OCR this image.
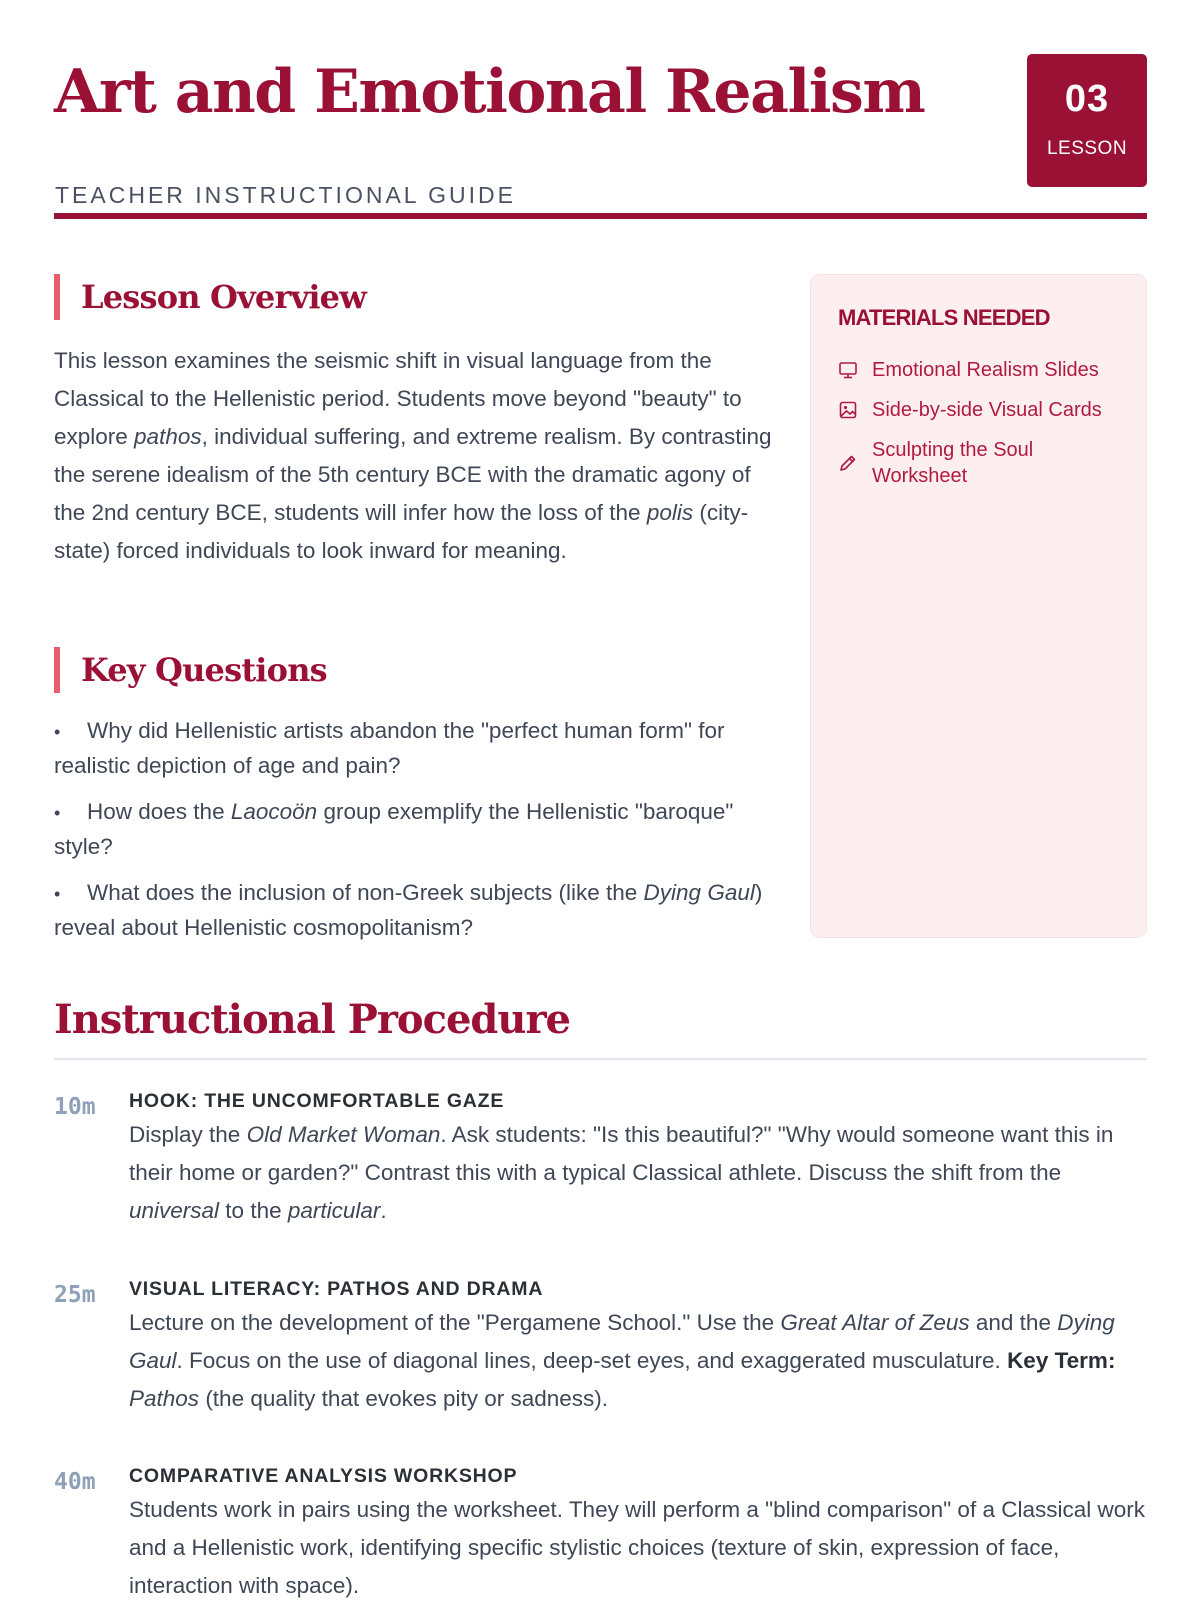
Art and Emotional Realism
TEACHER INSTRUCTIONAL GUIDE
03
LESSON
Lesson Overview

This lesson examines the seismic shift in visual language from the Classical to the Hellenistic period. Students move beyond "beauty" to explore pathos, individual suffering, and extreme realism. By contrasting the serene idealism of the 5th century BCE with the dramatic agony of the 2nd century BCE, students will infer how the loss of the polis (city-state) forced individuals to look inward for meaning.

Key Questions
• Why did Hellenistic artists abandon the "perfect human form" for realistic depiction of age and pain?
• How does the Laocoön group exemplify the Hellenistic "baroque" style?
• What does the inclusion of non-Greek subjects (like the Dying Gaul) reveal about Hellenistic cosmopolitanism?
MATERIALS NEEDED
Emotional Realism Slides
Side-by-side Visual Cards
Sculpting the Soul Worksheet
Instructional Procedure
10m HOOK: THE UNCOMFORTABLE GAZE

Display the Old Market Woman. Ask students: "Is this beautiful?" "Why would someone want this in their home or garden?" Contrast this with a typical Classical athlete. Discuss the shift from the universal to the particular.

25m VISUAL LITERACY: PATHOS AND DRAMA

Lecture on the development of the "Pergamene School." Use the Great Altar of Zeus and the Dying Gaul. Focus on the use of diagonal lines, deep-set eyes, and exaggerated musculature. Key Term: Pathos (the quality that evokes pity or sadness).

40m COMPARATIVE ANALYSIS WORKSHOP

Students work in pairs using the worksheet. They will perform a "blind comparison" of a Classical work and a Hellenistic work, identifying specific stylistic choices (texture of skin, expression of face, interaction with space).
